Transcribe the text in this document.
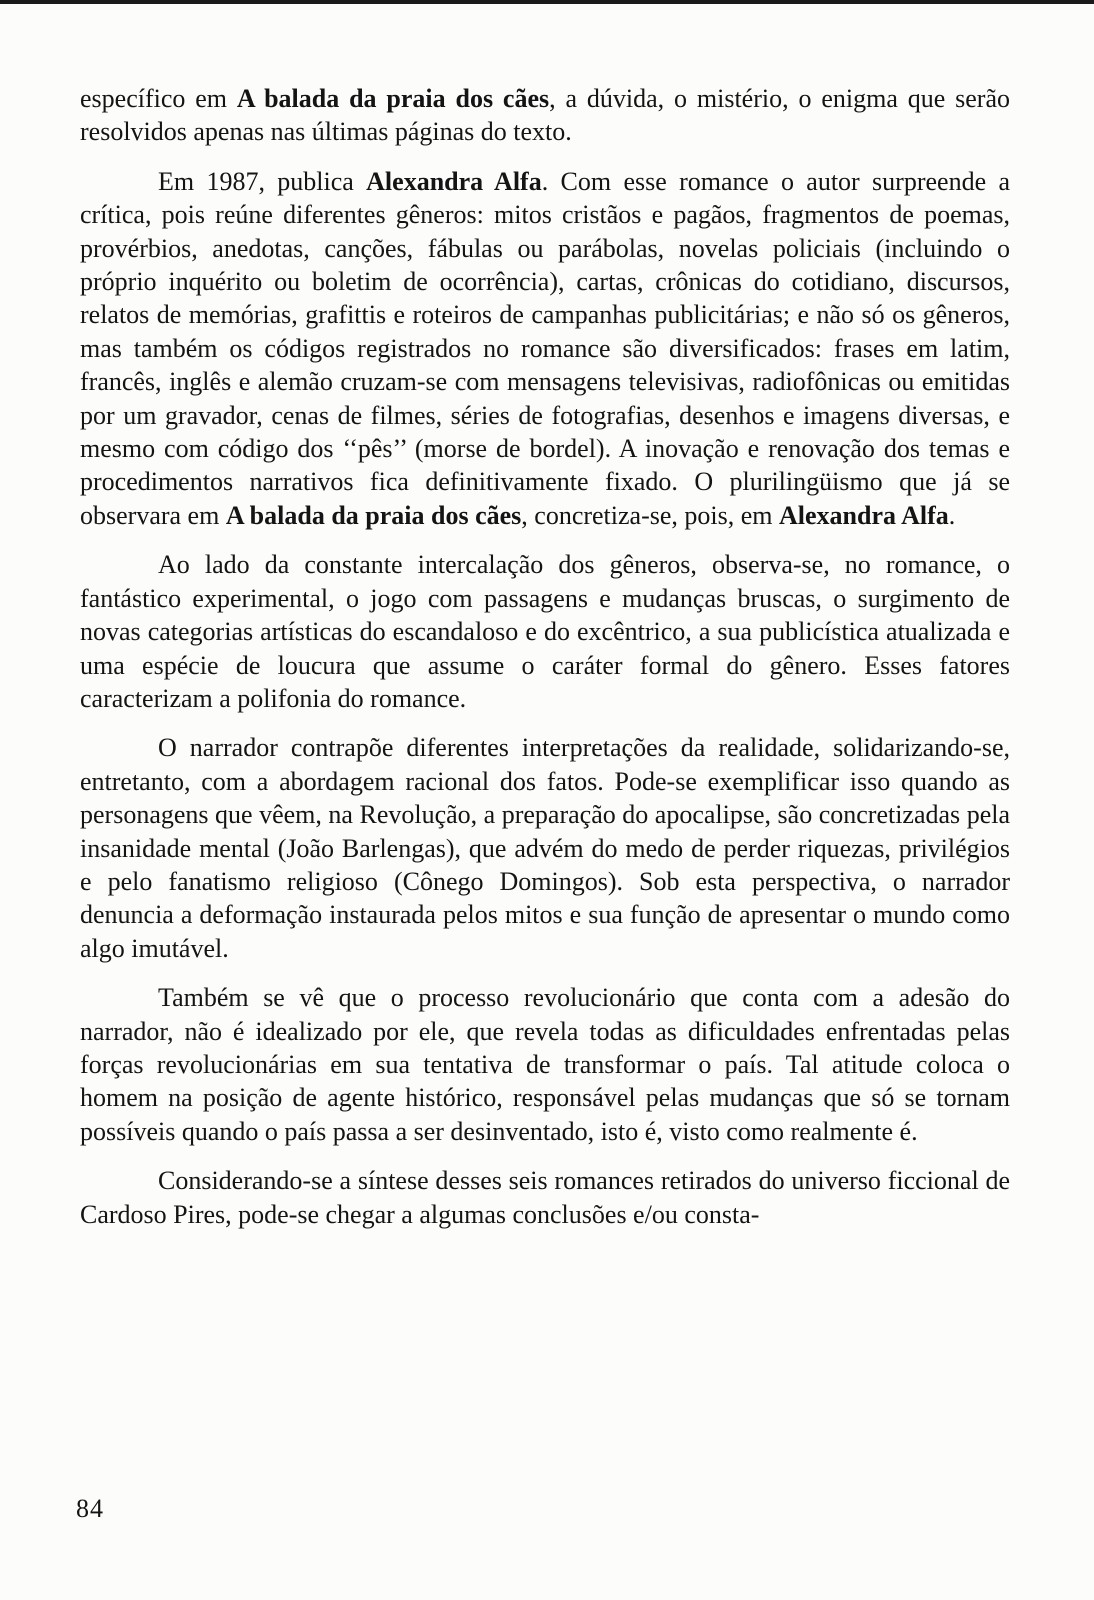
específico em A balada da praia dos cães, a dúvida, o mistério, o enigma que serão resolvidos apenas nas últimas páginas do texto.

Em 1987, publica Alexandra Alfa. Com esse romance o autor surpreende a crítica, pois reúne diferentes gêneros: mitos cristãos e pagãos, fragmentos de poemas, provérbios, anedotas, canções, fábulas ou parábolas, novelas policiais (incluindo o próprio inquérito ou boletim de ocorrência), cartas, crônicas do cotidiano, discursos, relatos de memórias, grafittis e roteiros de campanhas publicitárias; e não só os gêneros, mas também os códigos registrados no romance são diversificados: frases em latim, francês, inglês e alemão cruzam-se com mensagens televisivas, radiofônicas ou emitidas por um gravador, cenas de filmes, séries de fotografias, desenhos e imagens diversas, e mesmo com código dos ‘‘pês’’ (morse de bordel). A inovação e renovação dos temas e procedimentos narrativos fica definitivamente fixado. O plurilingüismo que já se observara em A balada da praia dos cães, concretiza-se, pois, em Alexandra Alfa.

Ao lado da constante intercalação dos gêneros, observa-se, no romance, o fantástico experimental, o jogo com passagens e mudanças bruscas, o surgimento de novas categorias artísticas do escandaloso e do excêntrico, a sua publicística atualizada e uma espécie de loucura que assume o caráter formal do gênero. Esses fatores caracterizam a polifonia do romance.

O narrador contrapõe diferentes interpretações da realidade, solidarizando-se, entretanto, com a abordagem racional dos fatos. Pode-se exemplificar isso quando as personagens que vêem, na Revolução, a preparação do apocalipse, são concretizadas pela insanidade mental (João Barlengas), que advém do medo de perder riquezas, privilégios e pelo fanatismo religioso (Cônego Domingos). Sob esta perspectiva, o narrador denuncia a deformação instaurada pelos mitos e sua função de apresentar o mundo como algo imutável.

Também se vê que o processo revolucionário que conta com a adesão do narrador, não é idealizado por ele, que revela todas as dificuldades enfrentadas pelas forças revolucionárias em sua tentativa de transformar o país. Tal atitude coloca o homem na posição de agente histórico, responsável pelas mudanças que só se tornam possíveis quando o país passa a ser desinventado, isto é, visto como realmente é.

Considerando-se a síntese desses seis romances retirados do universo ficcional de Cardoso Pires, pode-se chegar a algumas conclusões e/ou consta-

84
